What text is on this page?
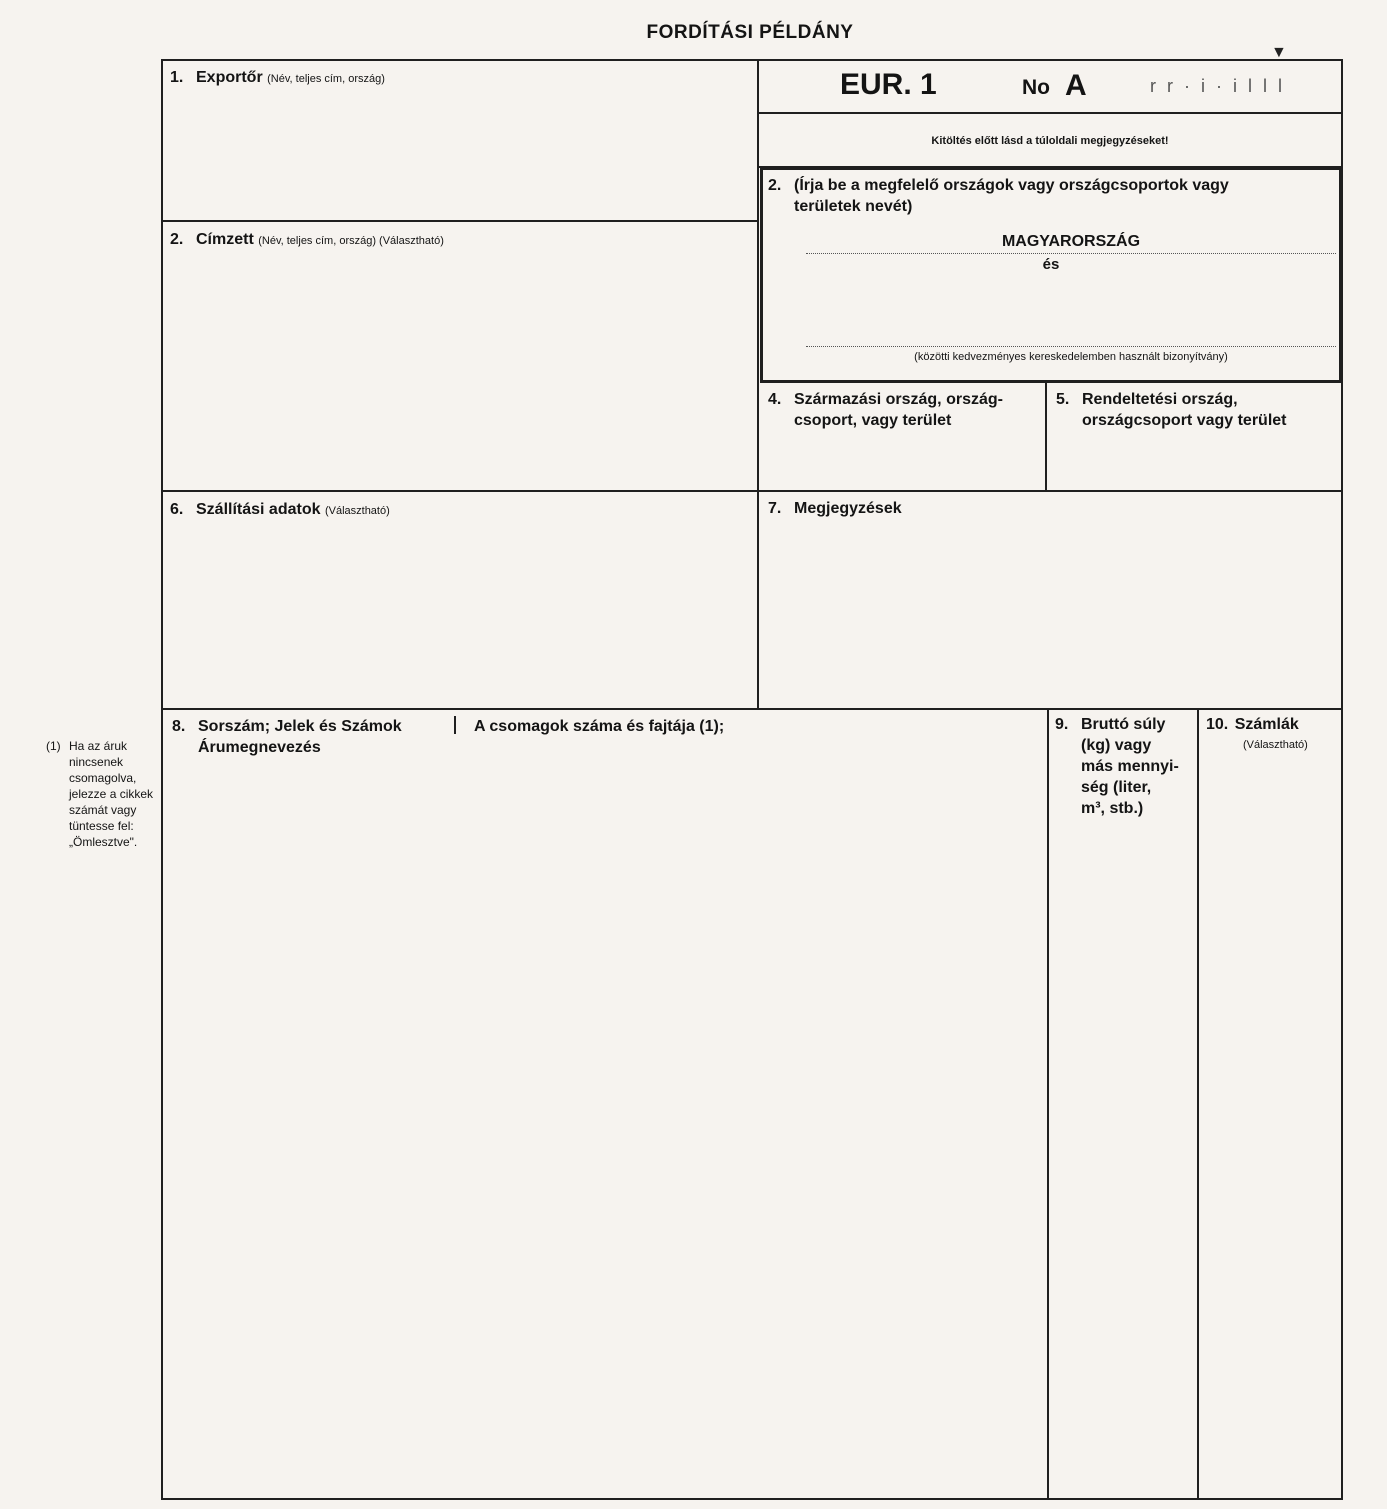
FORDÍTÁSI PÉLDÁNY
▼
1. Exportőr (Név, teljes cím, ország)	EUR. 1	No A	r r · i · i l l l
Kitöltés előtt lásd a túloldali megjegyzéseket!
2. Címzett (Név, teljes cím, ország) (Választható)
2. (Írja be a megfelelő országok vagy országcsoportok vagy
területek nevét)
MAGYARORSZÁG
és
(közötti kedvezményes kereskedelemben használt bizonyítvány)
4. Származási ország, ország-
csoport, vagy terület
5. Rendeltetési ország,
országcsoport vagy terület
6. Szállítási adatok (Választható)	7. Megjegyzések
8. Sorszám; Jelek és Számok	A csomagok száma és fajtája (1);
Árumegnevezés
9. Bruttó súly
(kg) vagy
más mennyi-
ség (liter,
m³, stb.)
10. Számlák
(Választható)
(1) Ha az áruk nincsenek csomagolva, jelezze a cikkek számát vagy tüntesse fel: „Ömlesztve".
